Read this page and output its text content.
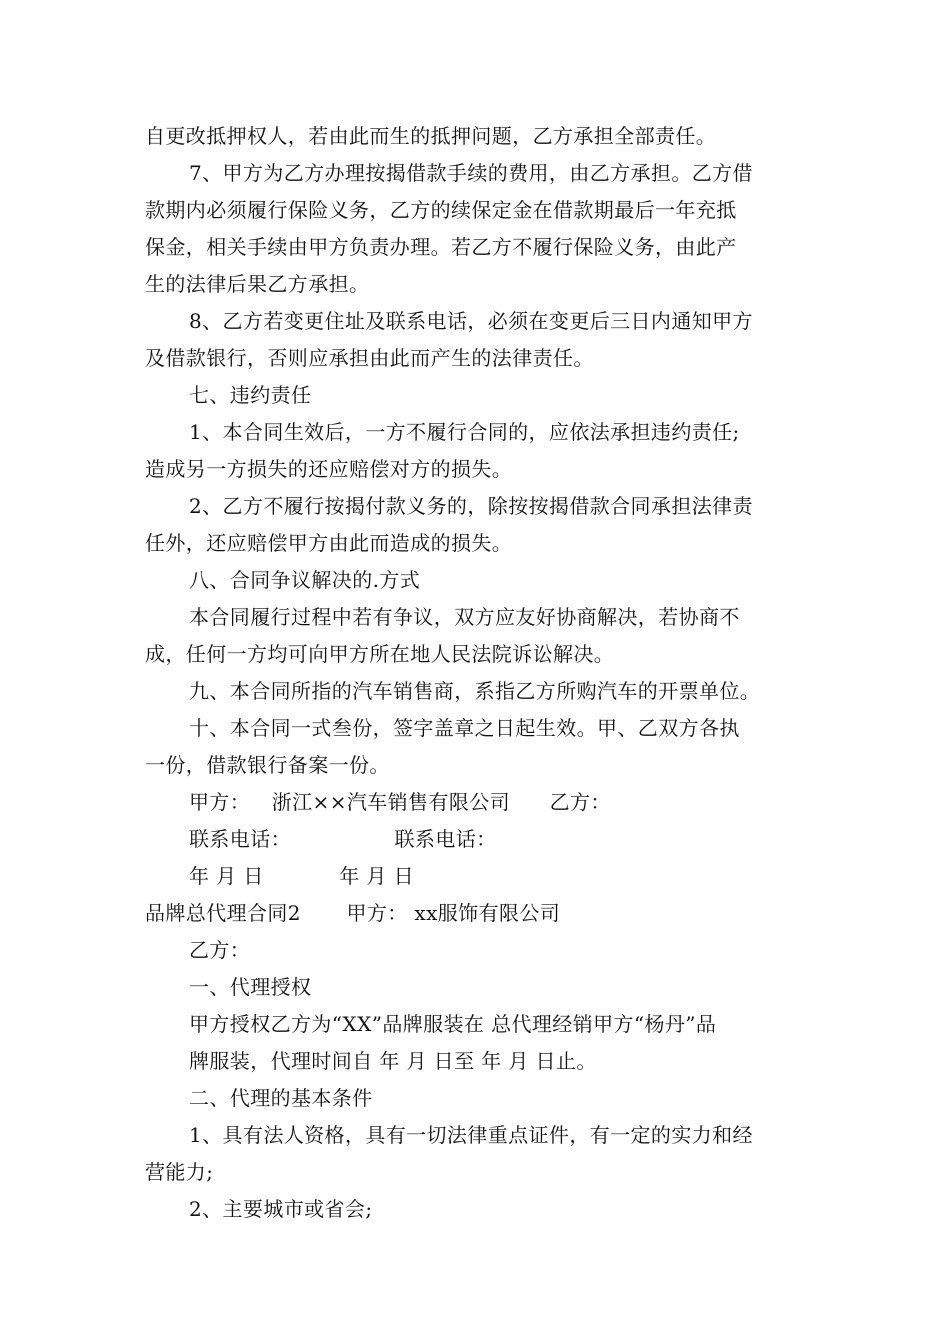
自更改抵押权人，若由此而生的抵押问题，乙方承担全部责任。
7、甲方为乙方办理按揭借款手续的费用，由乙方承担。乙方借
款期内必须履行保险义务，乙方的续保定金在借款期最后一年充抵
保金，相关手续由甲方负责办理。若乙方不履行保险义务，由此产
生的法律后果乙方承担。
8、乙方若变更住址及联系电话，必须在变更后三日内通知甲方
及借款银行，否则应承担由此而产生的法律责任。
七、违约责任
1、本合同生效后，一方不履行合同的，应依法承担违约责任;
造成另一方损失的还应赔偿对方的损失。
2、乙方不履行按揭付款义务的，除按按揭借款合同承担法律责
任外，还应赔偿甲方由此而造成的损失。
八、合同争议解决的.方式
本合同履行过程中若有争议，双方应友好协商解决，若协商不
成，任何一方均可向甲方所在地人民法院诉讼解决。
九、本合同所指的汽车销售商，系指乙方所购汽车的开票单位。
十、本合同一式叁份，签字盖章之日起生效。甲、乙双方各执
一份，借款银行备案一份。
甲方： 浙江××汽车销售有限公司 乙方：
联系电话：	联系电话：
年 月 日	年 月 日
品牌总代理合同2 甲方： xx服饰有限公司
乙方：
一、代理授权
甲方授权乙方为“XX”品牌服装在 总代理经销甲方“杨丹”品
牌服装，代理时间自 年 月 日至 年 月 日止。
二、代理的基本条件
1、具有法人资格，具有一切法律重点证件，有一定的实力和经
营能力;
2、主要城市或省会;
